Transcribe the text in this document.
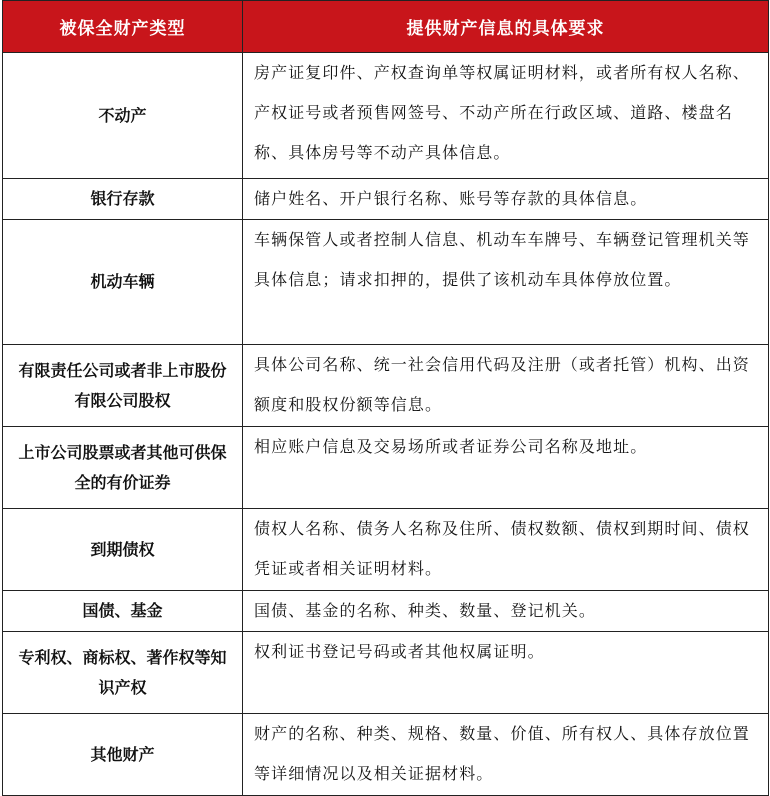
被保全财产类型	提供财产信息的具体要求
不动产	房产证复印件、产权查询单等权属证明材料，或者所有权人名称、产权证号或者预售网签号、不动产所在行政区域、道路、楼盘名称、具体房号等不动产具体信息。
银行存款	储户姓名、开户银行名称、账号等存款的具体信息。
机动车辆	车辆保管人或者控制人信息、机动车车牌号、车辆登记管理机关等具体信息；请求扣押的，提供了该机动车具体停放位置。
有限责任公司或者非上市股份有限公司股权	具体公司名称、统一社会信用代码及注册（或者托管）机构、出资额度和股权份额等信息。
上市公司股票或者其他可供保全的有价证券	相应账户信息及交易场所或者证券公司名称及地址。
到期债权	债权人名称、债务人名称及住所、债权数额、债权到期时间、债权凭证或者相关证明材料。
国债、基金	国债、基金的名称、种类、数量、登记机关。
专利权、商标权、著作权等知识产权	权利证书登记号码或者其他权属证明。
其他财产	财产的名称、种类、规格、数量、价值、所有权人、具体存放位置等详细情况以及相关证据材料。
